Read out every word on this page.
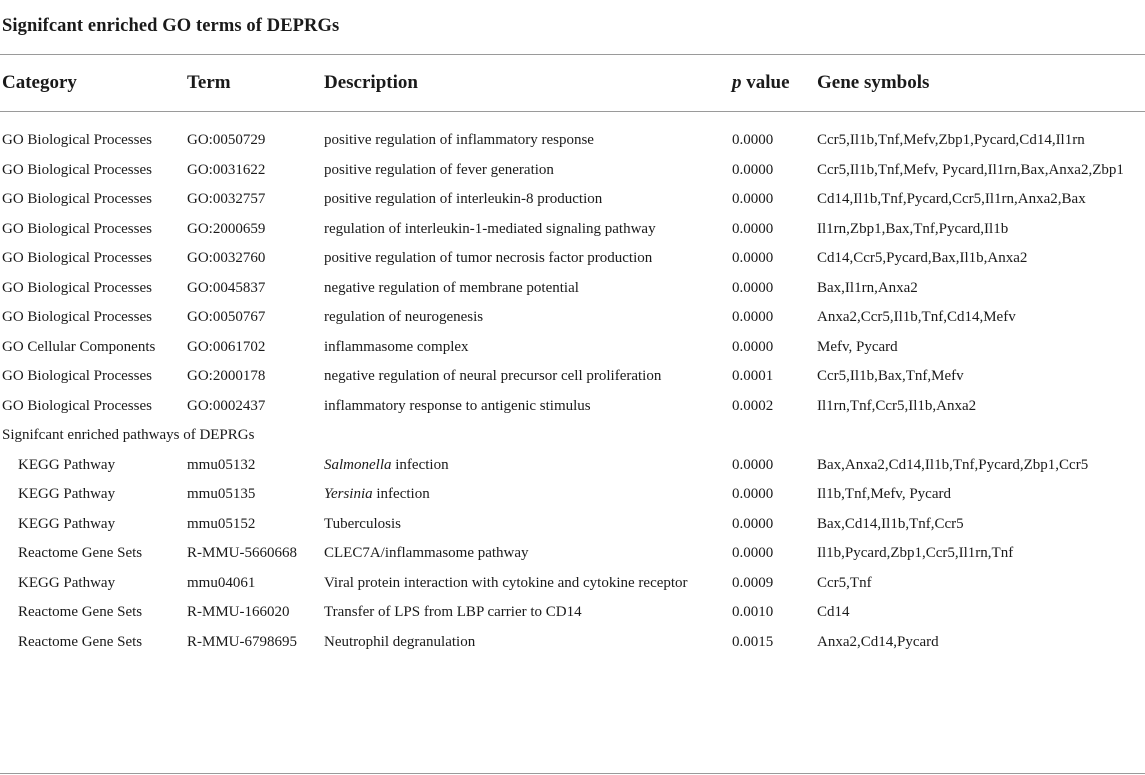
Signifcant enriched GO terms of DEPRGs
Category	Term	Description	p value	Gene symbols
GO Biological Processes	GO:0050729	positive regulation of inflammatory response	0.0000	Ccr5,Il1b,Tnf,Mefv,Zbp1,Pycard,Cd14,Il1rn
GO Biological Processes	GO:0031622	positive regulation of fever generation	0.0000	Ccr5,Il1b,Tnf,Mefv, Pycard,Il1rn,Bax,Anxa2,Zbp1
GO Biological Processes	GO:0032757	positive regulation of interleukin-8 production	0.0000	Cd14,Il1b,Tnf,Pycard,Ccr5,Il1rn,Anxa2,Bax
GO Biological Processes	GO:2000659	regulation of interleukin-1-mediated signaling pathway	0.0000	Il1rn,Zbp1,Bax,Tnf,Pycard,Il1b
GO Biological Processes	GO:0032760	positive regulation of tumor necrosis factor production	0.0000	Cd14,Ccr5,Pycard,Bax,Il1b,Anxa2
GO Biological Processes	GO:0045837	negative regulation of membrane potential	0.0000	Bax,Il1rn,Anxa2
GO Biological Processes	GO:0050767	regulation of neurogenesis	0.0000	Anxa2,Ccr5,Il1b,Tnf,Cd14,Mefv
GO Cellular Components	GO:0061702	inflammasome complex	0.0000	Mefv, Pycard
GO Biological Processes	GO:2000178	negative regulation of neural precursor cell proliferation	0.0001	Ccr5,Il1b,Bax,Tnf,Mefv
GO Biological Processes	GO:0002437	inflammatory response to antigenic stimulus	0.0002	Il1rn,Tnf,Ccr5,Il1b,Anxa2
Signifcant enriched pathways of DEPRGs				
KEGG Pathway	mmu05132	Salmonella infection	0.0000	Bax,Anxa2,Cd14,Il1b,Tnf,Pycard,Zbp1,Ccr5
KEGG Pathway	mmu05135	Yersinia infection	0.0000	Il1b,Tnf,Mefv, Pycard
KEGG Pathway	mmu05152	Tuberculosis	0.0000	Bax,Cd14,Il1b,Tnf,Ccr5
Reactome Gene Sets	R-MMU-5660668	CLEC7A/inflammasome pathway	0.0000	Il1b,Pycard,Zbp1,Ccr5,Il1rn,Tnf
KEGG Pathway	mmu04061	Viral protein interaction with cytokine and cytokine receptor	0.0009	Ccr5,Tnf
Reactome Gene Sets	R-MMU-166020	Transfer of LPS from LBP carrier to CD14	0.0010	Cd14
Reactome Gene Sets	R-MMU-6798695	Neutrophil degranulation	0.0015	Anxa2,Cd14,Pycard
